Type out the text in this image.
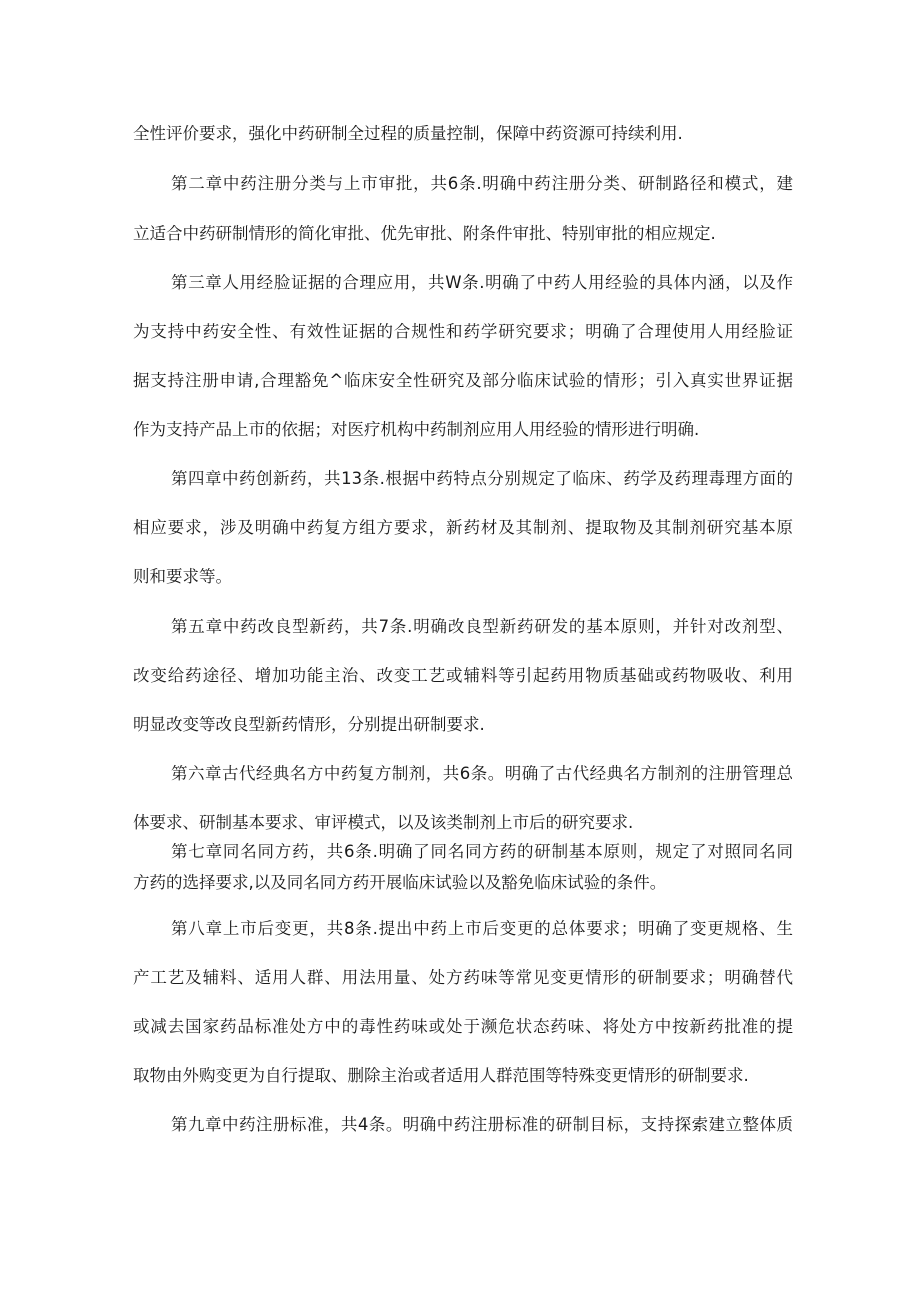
全性评价要求，强化中药研制全过程的质量控制，保障中药资源可持续利用.
第二章中药注册分类与上市审批，共6条.明确中药注册分类、研制路径和模式，建
立适合中药研制情形的简化审批、优先审批、附条件审批、特别审批的相应规定.
第三章人用经脸证据的合理应用，共W条.明确了中药人用经验的具体内涵，以及作
为支持中药安全性、有效性证据的合规性和药学研究要求；明确了合理使用人用经脸证
据支持注册申请,合理豁免^临床安全性研究及部分临床试验的情形；引入真实世界证据
作为支持产品上市的依据；对医疗机构中药制剂应用人用经验的情形进行明确.
第四章中药创新药，共13条.根据中药特点分别规定了临床、药学及药理毒理方面的
相应要求，涉及明确中药复方组方要求，新药材及其制剂、提取物及其制剂研究基本原
则和要求等。
第五章中药改良型新药，共7条.明确改良型新药研发的基本原则，并针对改剂型、
改变给药途径、增加功能主治、改变工艺或辅料等引起药用物质基础或药物吸收、利用
明显改变等改良型新药情形，分别提出研制要求.
第六章古代经典名方中药复方制剂，共6条。明确了古代经典名方制剂的注册管理总
体要求、研制基本要求、审评模式，以及该类制剂上市后的研究要求.
第七章同名同方药，共6条.明确了同名同方药的研制基本原则，规定了对照同名同
方药的选择要求,以及同名同方药开展临床试验以及豁免临床试验的条件。
第八章上市后变更，共8条.提出中药上市后变更的总体要求；明确了变更规格、生
产工艺及辅料、适用人群、用法用量、处方药味等常见变更情形的研制要求；明确替代
或减去国家药品标准处方中的毒性药味或处于濒危状态药味、将处方中按新药批准的提
取物由外购变更为自行提取、删除主治或者适用人群范围等特殊变更情形的研制要求.
第九章中药注册标准，共4条。明确中药注册标准的研制目标，支持探索建立整体质
